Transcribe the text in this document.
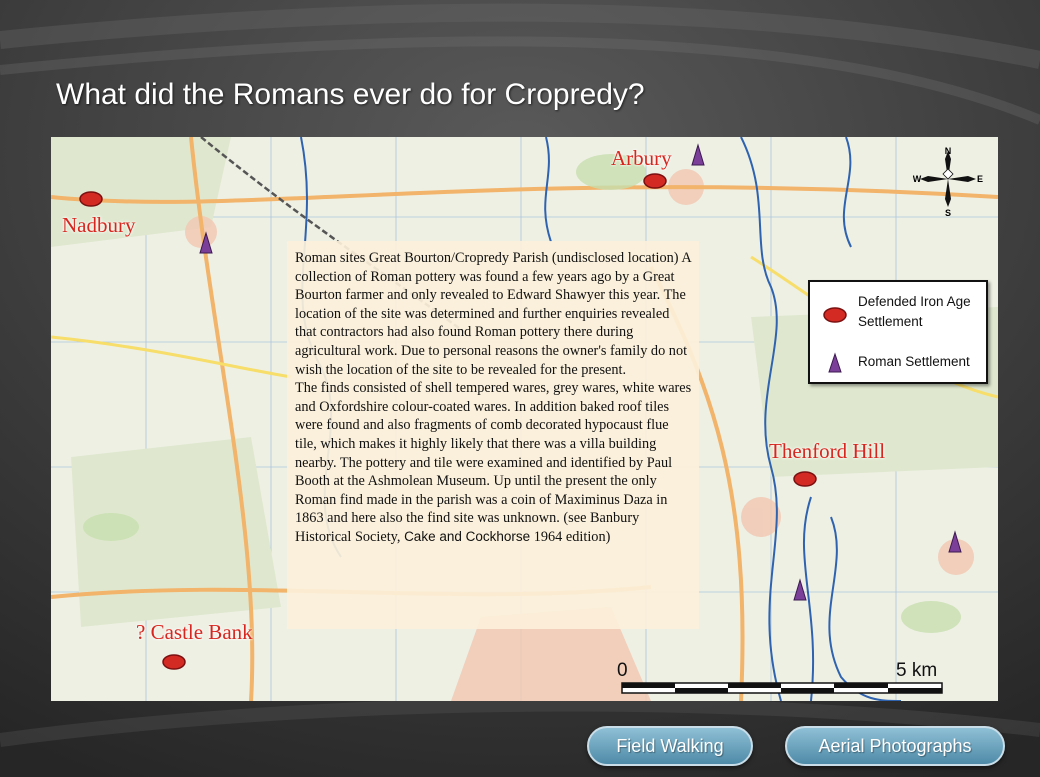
What did the Romans ever do for Cropredy?
Arbury
Nadbury
Thenford Hill
? Castle Bank
N
S
W	E

Roman sites Great Bourton/Cropredy Parish (undisclosed location) A collection of Roman pottery was found a few years ago by a Great Bourton farmer and only revealed to Edward Shawyer this year. The location of the site was determined and further enquiries revealed that contractors had also found Roman pottery there during agricultural work. Due to personal reasons the owner's family do not wish the location of the site to be revealed for the present.

The finds consisted of shell tempered wares, grey wares, white wares and Oxfordshire colour-coated wares. In addition baked roof tiles were found and also fragments of comb decorated hypocaust flue tile, which makes it highly likely that there was a villa building nearby. The pottery and tile were examined and identified by Paul Booth at the Ashmolean Museum. Up until the present the only Roman find made in the parish was a coin of Maximinus Daza in 1863 and here also the find site was unknown. (see Banbury Historical Society, Cake and Cockhorse 1964 edition)

Defended Iron Age Settlement
Roman Settlement
0	5 km
Field Walking	Aerial Photographs
